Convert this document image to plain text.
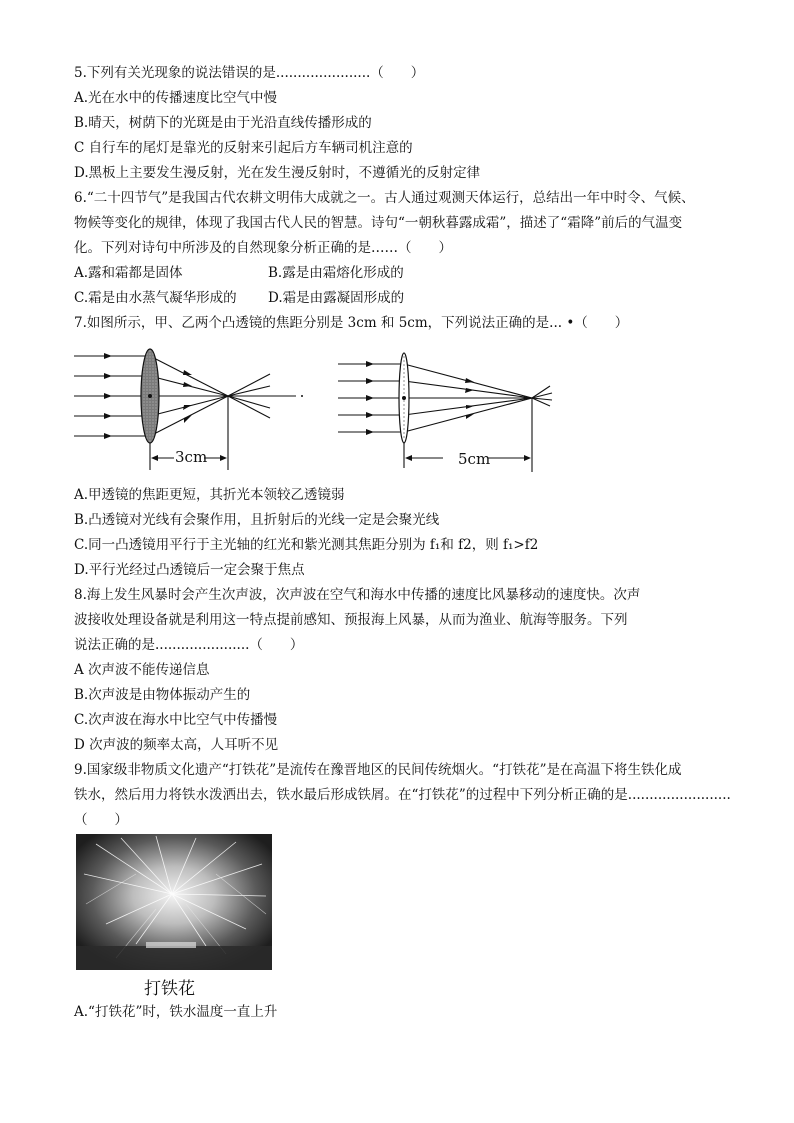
5.下列有关光现象的说法错误的是......................（　　）
A.光在水中的传播速度比空气中慢
B.晴天，树荫下的光斑是由于光沿直线传播形成的
C 自行车的尾灯是靠光的反射来引起后方车辆司机注意的
D.黑板上主要发生漫反射，光在发生漫反射时，不遵循光的反射定律
6.“二十四节气”是我国古代农耕文明伟大成就之一。古人通过观测天体运行，总结出一年中时令、气候、
物候等变化的规律，体现了我国古代人民的智慧。诗句“一朝秋暮露成霜”，描述了“霜降”前后的气温变
化。下列对诗句中所涉及的自然现象分析正确的是……（　　）
A.露和霜都是固体	B.露是由霜熔化形成的
C.霜是由水蒸气凝华形成的 D.霜是由露凝固形成的
7.如图所示，甲、乙两个凸透镜的焦距分别是 3cm 和 5cm，下列说法正确的是... •（　　）
3cm	5cm
A.甲透镜的焦距更短，其折光本领较乙透镜弱
B.凸透镜对光线有会聚作用，且折射后的光线一定是会聚光线
C.同一凸透镜用平行于主光轴的红光和紫光测其焦距分别为 f₁和 f2，则 f₁>f2
D.平行光经过凸透镜后一定会聚于焦点
8.海上发生风暴时会产生次声波，次声波在空气和海水中传播的速度比风暴移动的速度快。次声
波接收处理设备就是利用这一特点提前感知、预报海上风暴，从而为渔业、航海等服务。下列
说法正确的是......................（　　）
A 次声波不能传递信息
B.次声波是由物体振动产生的
C.次声波在海水中比空气中传播慢
D 次声波的频率太高，人耳听不见
9.国家级非物质文化遗产“打铁花”是流传在豫晋地区的民间传统烟火。“打铁花”是在高温下将生铁化成
铁水，然后用力将铁水泼洒出去，铁水最后形成铁屑。在“打铁花”的过程中下列分析正确的是........................
（　　）
打铁花
A.“打铁花”时，铁水温度一直上升
